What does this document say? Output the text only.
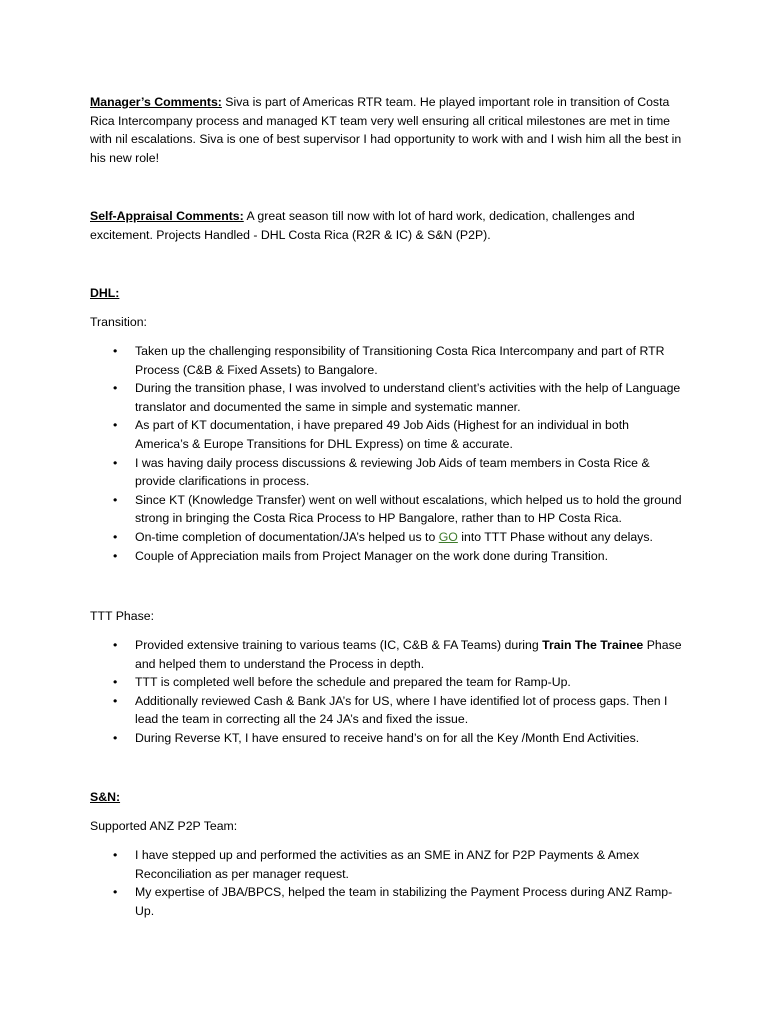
Manager’s Comments: Siva is part of Americas RTR team. He played important role in transition of Costa Rica Intercompany process and managed KT team very well ensuring all critical milestones are met in time with nil escalations. Siva is one of best supervisor I had opportunity to work with and I wish him all the best in his new role!

Self-Appraisal Comments: A great season till now with lot of hard work, dedication, challenges and excitement. Projects Handled - DHL Costa Rica (R2R & IC) & S&N (P2P).

DHL:

Transition:

• Taken up the challenging responsibility of Transitioning Costa Rica Intercompany and part of RTR Process (C&B & Fixed Assets) to Bangalore.
• During the transition phase, I was involved to understand client’s activities with the help of Language translator and documented the same in simple and systematic manner.
• As part of KT documentation, i have prepared 49 Job Aids (Highest for an individual in both America’s & Europe Transitions for DHL Express) on time & accurate.
• I was having daily process discussions & reviewing Job Aids of team members in Costa Rice & provide clarifications in process.
• Since KT (Knowledge Transfer) went on well without escalations, which helped us to hold the ground strong in bringing the Costa Rica Process to HP Bangalore, rather than to HP Costa Rica.
• On-time completion of documentation/JA’s helped us to GO into TTT Phase without any delays.
• Couple of Appreciation mails from Project Manager on the work done during Transition.

TTT Phase:

• Provided extensive training to various teams (IC, C&B & FA Teams) during Train The Trainee Phase and helped them to understand the Process in depth.
• TTT is completed well before the schedule and prepared the team for Ramp-Up.
• Additionally reviewed Cash & Bank JA’s for US, where I have identified lot of process gaps. Then I lead the team in correcting all the 24 JA’s and fixed the issue.
• During Reverse KT, I have ensured to receive hand’s on for all the Key /Month End Activities.

S&N:

Supported ANZ P2P Team:

• I have stepped up and performed the activities as an SME in ANZ for P2P Payments & Amex Reconciliation as per manager request.
• My expertise of JBA/BPCS, helped the team in stabilizing the Payment Process during ANZ Ramp-Up.
